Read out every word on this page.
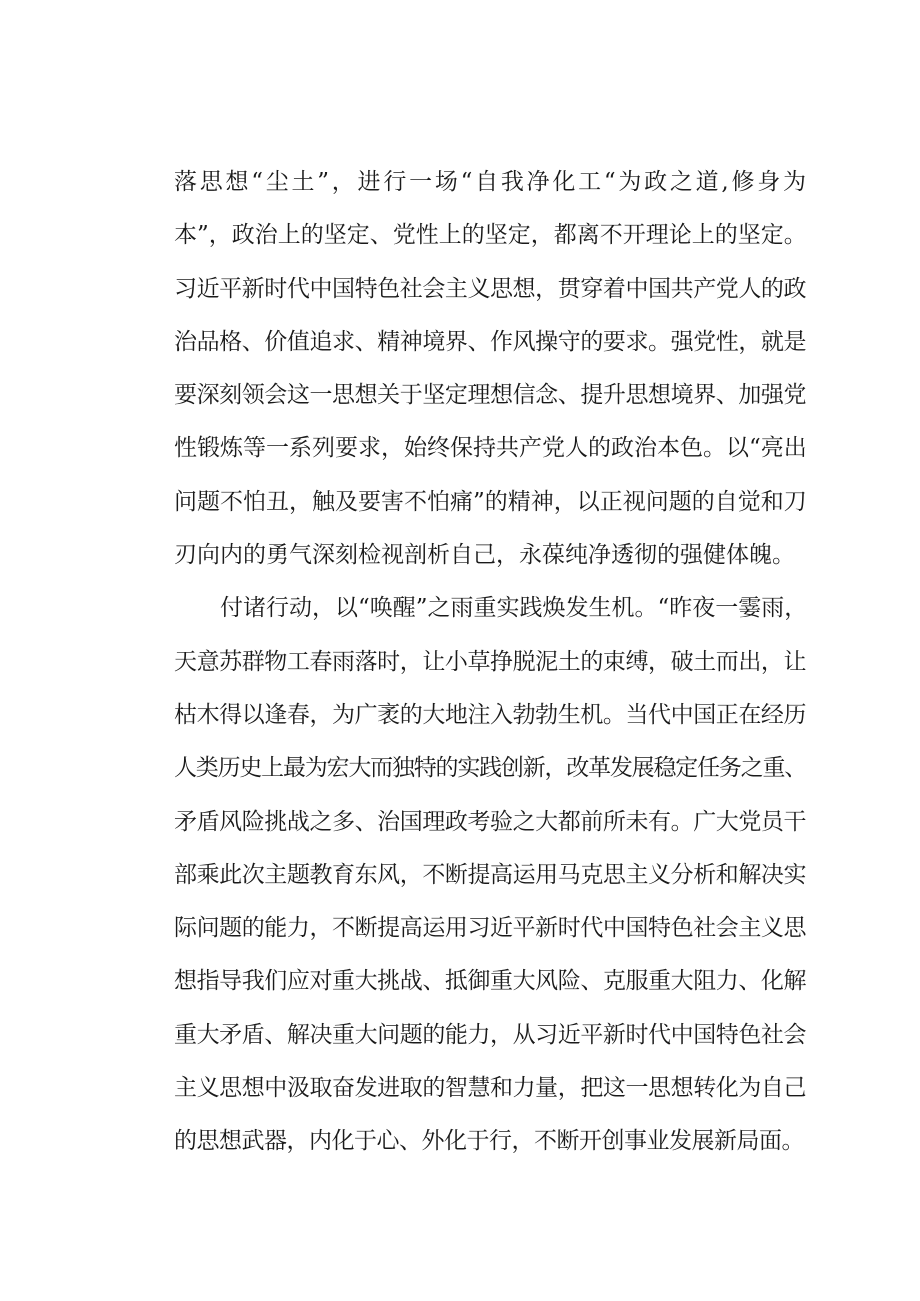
落思想“尘土”，进行一场“自我净化工“为政之道,修身为
本”，政治上的坚定、党性上的坚定，都离不开理论上的坚定。
习近平新时代中国特色社会主义思想，贯穿着中国共产党人的政
治品格、价值追求、精神境界、作风操守的要求。强党性，就是
要深刻领会这一思想关于坚定理想信念、提升思想境界、加强党
性锻炼等一系列要求，始终保持共产党人的政治本色。以“亮出
问题不怕丑，触及要害不怕痛”的精神，以正视问题的自觉和刀
刃向内的勇气深刻检视剖析自己，永葆纯净透彻的强健体魄。
付诸行动，以“唤醒”之雨重实践焕发生机。“昨夜一霎雨，
天意苏群物工春雨落时，让小草挣脱泥土的束缚，破土而出，让
枯木得以逢春，为广袤的大地注入勃勃生机。当代中国正在经历
人类历史上最为宏大而独特的实践创新，改革发展稳定任务之重、
矛盾风险挑战之多、治国理政考验之大都前所未有。广大党员干
部乘此次主题教育东风，不断提高运用马克思主义分析和解决实
际问题的能力，不断提高运用习近平新时代中国特色社会主义思
想指导我们应对重大挑战、抵御重大风险、克服重大阻力、化解
重大矛盾、解决重大问题的能力，从习近平新时代中国特色社会
主义思想中汲取奋发进取的智慧和力量，把这一思想转化为自己
的思想武器，内化于心、外化于行，不断开创事业发展新局面。
